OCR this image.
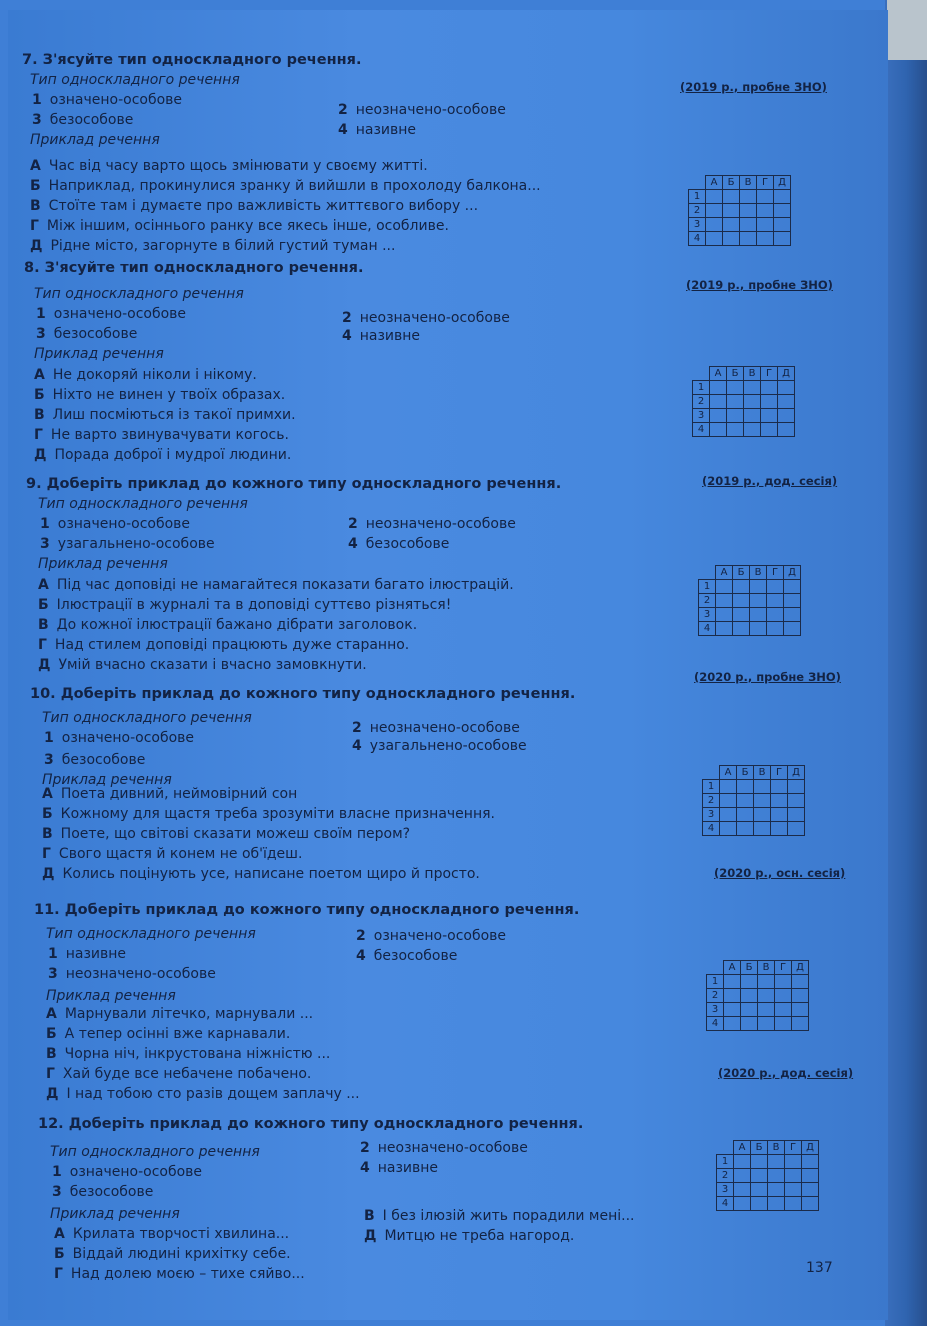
7. З'ясуйте тип односкладного речення.
(2019 р., пробне ЗНО)
Тип односкладного речення
1 означено-особове
2 неозначено-особове
3 безособове
4 називне
Приклад речення
А Час від часу варто щось змінювати у своєму житті.
Б Наприклад, прокинулися зранку й вийшли в прохолоду балкона...
В Стоїте там і думаєте про важливість життєвого вибору ...
Г Між іншим, осіннього ранку все якесь інше, особливе.
Д Рідне місто, загорнуте в білий густий туман ...
	А	Б	В	Г	Д
1					
2					
3					
4					
8. З'ясуйте тип односкладного речення.
(2019 р., пробне ЗНО)
Тип односкладного речення
1 означено-особове	2 неозначено-особове
3 безособове	4 називне
Приклад речення
А Не докоряй ніколи і нікому.
Б Ніхто не винен у твоїх образах.
В Лиш посміються із такої примхи.
Г Не варто звинувачувати когось.
Д Порада доброї і мудрої людини.
	А	Б	В	Г	Д
1					
2					
3					
4					
9. Доберіть приклад до кожного типу односкладного речення.	(2019 р., дод. сесія)
Тип односкладного речення
1 означено-особове	2 неозначено-особове
3 узагальнено-особове	4 безособове
Приклад речення
А Під час доповіді не намагайтеся показати багато ілюстрацій.
Б Ілюстрації в журналі та в доповіді суттєво різняться!
В До кожної ілюстрації бажано дібрати заголовок.
Г Над стилем доповіді працюють дуже старанно.
Д Умій вчасно сказати і вчасно замовкнути.
	А	Б	В	Г	Д
1					
2					
3					
4					
10. Доберіть приклад до кожного типу односкладного речення.
(2020 р., пробне ЗНО)
Тип односкладного речення
1 означено-особове
2 неозначено-особове
3 безособове
4 узагальнено-особове
Приклад речення
А Поета дивний, неймовірний сон
Б Кожному для щастя треба зрозуміти власне призначення.
В Поете, що світові сказати можеш своїм пером?
Г Свого щастя й конем не об'їдеш.
Д Колись поцінують усе, написане поетом щиро й просто.
	А	Б	В	Г	Д
1					
2					
3					
4					
11. Доберіть приклад до кожного типу односкладного речення.
(2020 р., осн. сесія)
Тип односкладного речення
1 називне
2 означено-особове
3 неозначено-особове
4 безособове
Приклад речення
А Марнували літечко, марнували ...
Б А тепер осінні вже карнавали.
В Чорна ніч, інкрустована ніжністю ...
Г Хай буде все небачене побачено.
Д І над тобою сто разів дощем заплачу ...
	А	Б	В	Г	Д
1					
2					
3					
4					
12. Доберіть приклад до кожного типу односкладного речення.
(2020 р., дод. сесія)
Тип односкладного речення
1 означено-особове
2 неозначено-особове
3 безособове
4 називне
Приклад речення
А Крилата творчості хвилина...
Б Віддай людині крихітку себе.
Г Над долею моєю – тихе сяйво...
В І без ілюзій жить порадили мені...
Д Митцю не треба нагород.
	А	Б	В	Г	Д
1					
2					
3					
4					
137
